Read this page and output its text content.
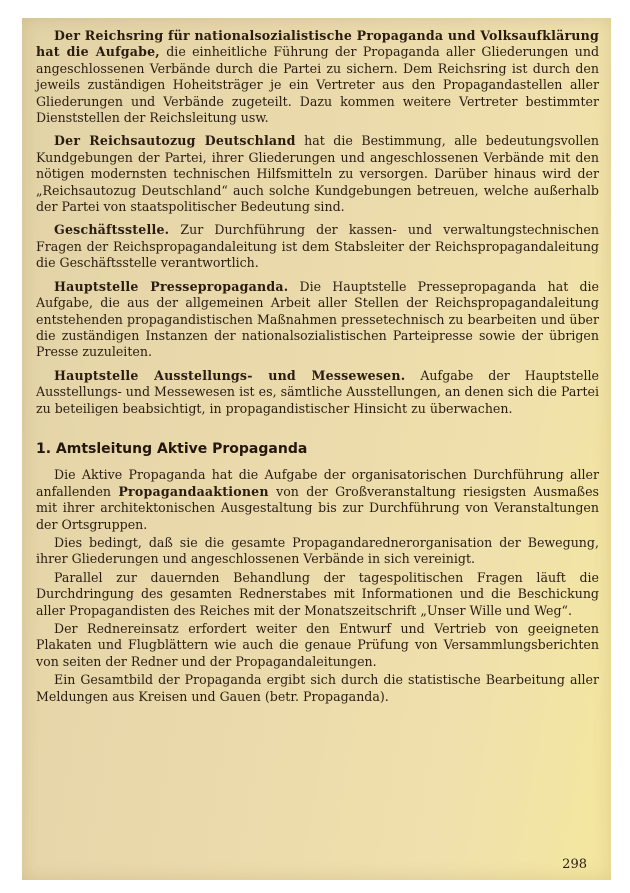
Der Reichsring für nationalsozialistische Propaganda und Volksaufklärung hat die Aufgabe, die einheitliche Führung der Propaganda aller Gliederungen und angeschlossenen Verbände durch die Partei zu sichern. Dem Reichsring ist durch den jeweils zuständigen Hoheitsträger je ein Vertreter aus den Propagandastellen aller Gliederungen und Verbände zugeteilt. Dazu kommen weitere Vertreter bestimmter Dienststellen der Reichsleitung usw.

Der Reichsautozug Deutschland hat die Bestimmung, alle bedeutungsvollen Kundgebungen der Partei, ihrer Gliederungen und angeschlossenen Verbände mit den nötigen modernsten technischen Hilfsmitteln zu versorgen. Darüber hinaus wird der „Reichsautozug Deutschland“ auch solche Kundgebungen betreuen, welche außerhalb der Partei von staatspolitischer Bedeutung sind.

Geschäftsstelle. Zur Durchführung der kassen- und verwaltungstechnischen Fragen der Reichspropagandaleitung ist dem Stabsleiter der Reichspropagandaleitung die Geschäftsstelle verantwortlich.

Hauptstelle Pressepropaganda. Die Hauptstelle Pressepropaganda hat die Aufgabe, die aus der allgemeinen Arbeit aller Stellen der Reichspropagandaleitung entstehenden propagandistischen Maßnahmen pressetechnisch zu bearbeiten und über die zuständigen Instanzen der nationalsozialistischen Parteipresse sowie der übrigen Presse zuzuleiten.

Hauptstelle Ausstellungs- und Messewesen. Aufgabe der Hauptstelle Ausstellungs- und Messewesen ist es, sämtliche Ausstellungen, an denen sich die Partei zu beteiligen beabsichtigt, in propagandistischer Hinsicht zu überwachen.

1. Amtsleitung Aktive Propaganda

Die Aktive Propaganda hat die Aufgabe der organisatorischen Durchführung aller anfallenden Propagandaaktionen von der Großveranstaltung riesigsten Ausmaßes mit ihrer architektonischen Ausgestaltung bis zur Durchführung von Veranstaltungen der Ortsgruppen.

Dies bedingt, daß sie die gesamte Propagandarednerorganisation der Bewegung, ihrer Gliederungen und angeschlossenen Verbände in sich vereinigt.

Parallel zur dauernden Behandlung der tagespolitischen Fragen läuft die Durchdringung des gesamten Rednerstabes mit Informationen und die Beschickung aller Propagandisten des Reiches mit der Monatszeitschrift „Unser Wille und Weg“.

Der Rednereinsatz erfordert weiter den Entwurf und Vertrieb von geeigneten Plakaten und Flugblättern wie auch die genaue Prüfung von Versammlungsberichten von seiten der Redner und der Propagandaleitungen.

Ein Gesamtbild der Propaganda ergibt sich durch die statistische Bearbeitung aller Meldungen aus Kreisen und Gauen (betr. Propaganda).

298
